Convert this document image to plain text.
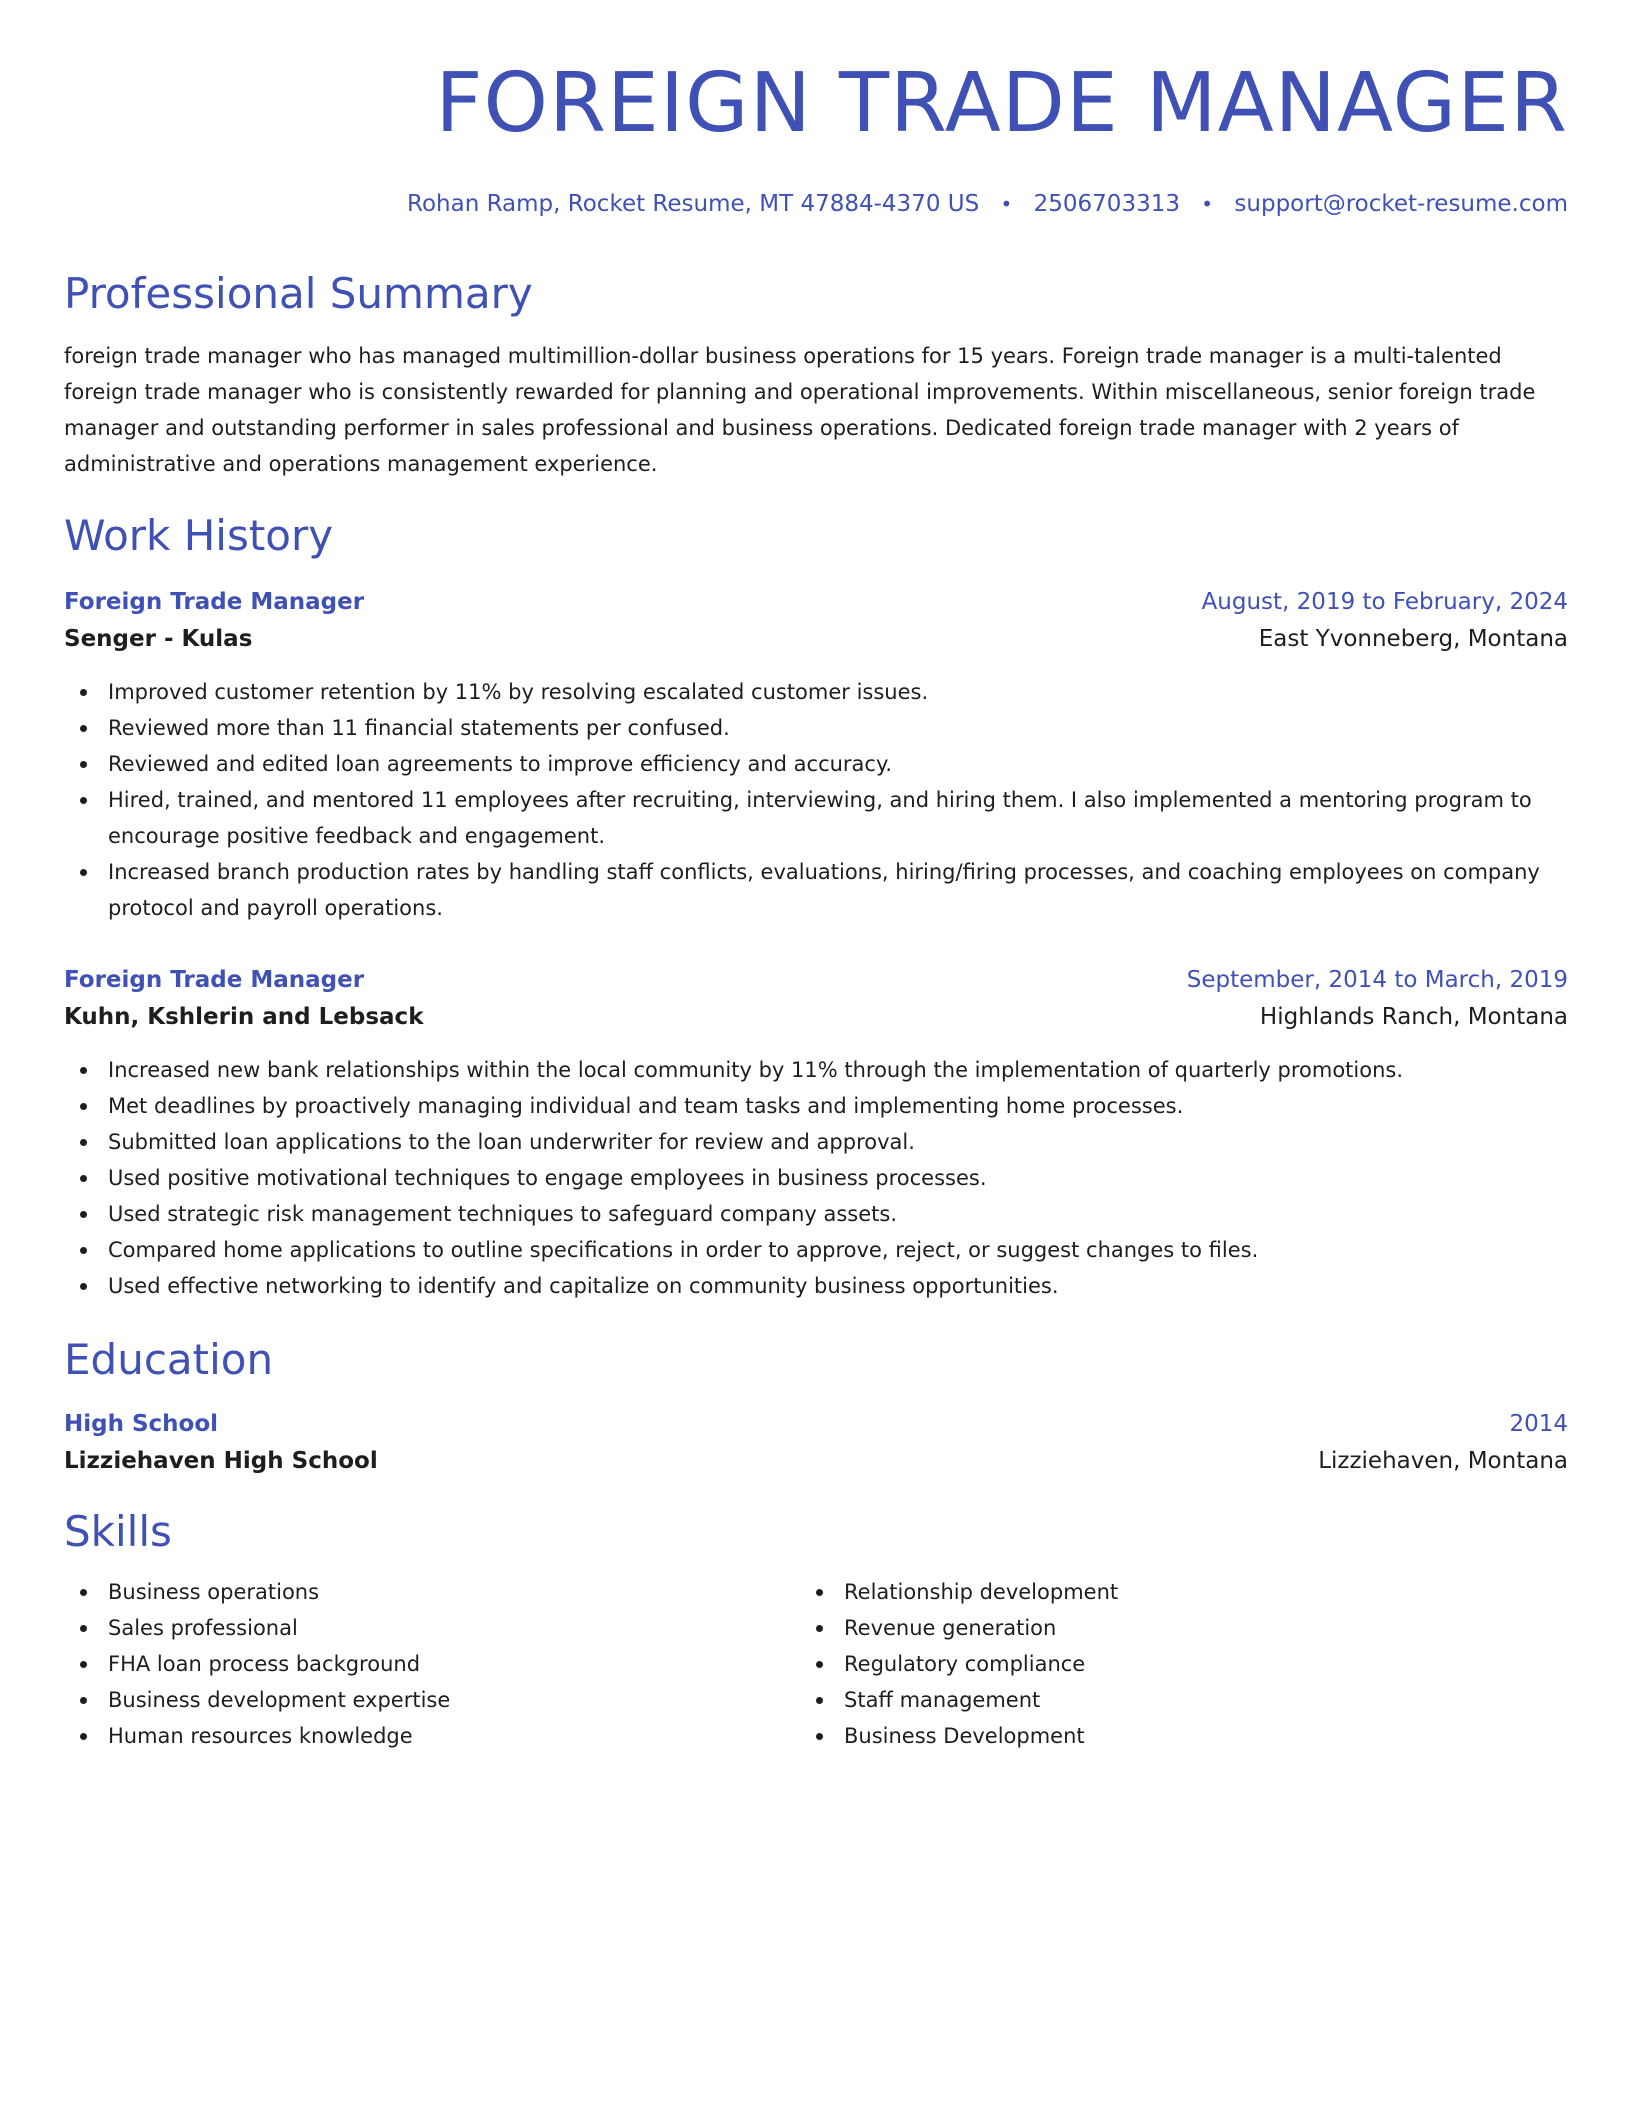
FOREIGN TRADE MANAGER
Rohan Ramp, Rocket Resume, MT 47884-4370 US • 2506703313 • support@rocket-resume.com
Professional Summary
foreign trade manager who has managed multimillion-dollar business operations for 15 years. Foreign trade manager is a multi-talented foreign trade manager who is consistently rewarded for planning and operational improvements. Within miscellaneous, senior foreign trade manager and outstanding performer in sales professional and business operations. Dedicated foreign trade manager with 2 years of administrative and operations management experience.
Work History
Foreign Trade Manager	August, 2019 to February, 2024
Senger - Kulas	East Yvonneberg, Montana
Improved customer retention by 11% by resolving escalated customer issues.
Reviewed more than 11 financial statements per confused.
Reviewed and edited loan agreements to improve efficiency and accuracy.
Hired, trained, and mentored 11 employees after recruiting, interviewing, and hiring them. I also implemented a mentoring program to encourage positive feedback and engagement.
Increased branch production rates by handling staff conflicts, evaluations, hiring/firing processes, and coaching employees on company protocol and payroll operations.
Foreign Trade Manager	September, 2014 to March, 2019
Kuhn, Kshlerin and Lebsack	Highlands Ranch, Montana
Increased new bank relationships within the local community by 11% through the implementation of quarterly promotions.
Met deadlines by proactively managing individual and team tasks and implementing home processes.
Submitted loan applications to the loan underwriter for review and approval.
Used positive motivational techniques to engage employees in business processes.
Used strategic risk management techniques to safeguard company assets.
Compared home applications to outline specifications in order to approve, reject, or suggest changes to files.
Used effective networking to identify and capitalize on community business opportunities.
Education
High School	2014
Lizziehaven High School	Lizziehaven, Montana
Skills
Business operations
Sales professional
FHA loan process background
Business development expertise
Human resources knowledge
Relationship development
Revenue generation
Regulatory compliance
Staff management
Business Development
